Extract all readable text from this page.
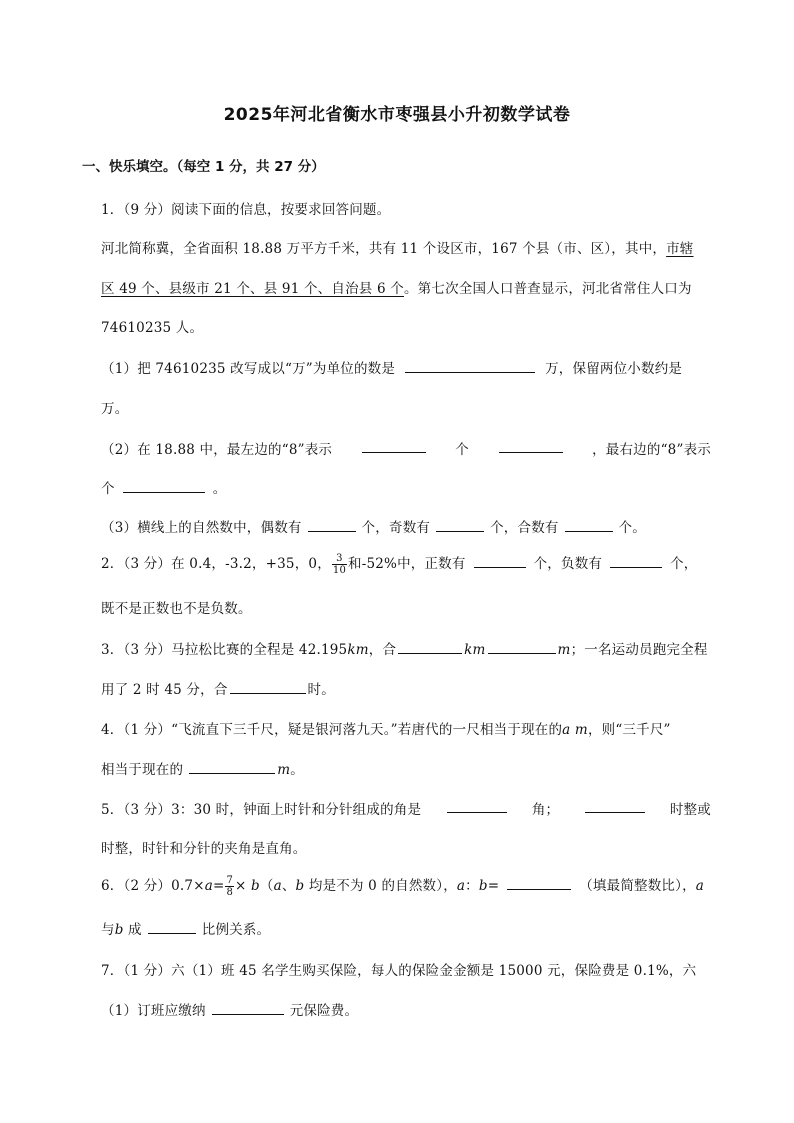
2025年河北省衡水市枣强县小升初数学试卷
一、快乐填空。（每空 1 分，共 27 分）
1．（9 分）阅读下面的信息，按要求回答问题。
河北简称冀，全省面积 18.88 万平方千米，共有 11 个设区市，167 个县（市、区），其中，市辖
区 49 个、县级市 21 个、县 91 个、自治县 6 个。第七次全国人口普查显示，河北省常住人口为
74610235 人。
（1）把 74610235 改写成以“万”为单位的数是	万，保留两位小数约是
万。
（2）在 18.88 中，最左边的“8”表示	个	，最右边的“8”表示
个	。
（3）横线上的自然数中，偶数有	个，奇数有	个，合数有	个。
2．（3 分）在 0.4，-3.2，+35，0， $\frac{3}{10}$ 和-52%中，正数有	个，负数有	个，
既不是正数也不是负数。
3．（3 分）马拉松比赛的全程是 42.195km，合	km	m；一名运动员跑完全程
用了 2 时 45 分，合	时。
4．（1 分）“飞流直下三千尺，疑是银河落九天。”若唐代的一尺相当于现在的a m，则“三千尺”
相当于现在的	m。
5．（3 分）3：30 时，钟面上时针和分针组成的角是	角；	时整或
时整，时针和分针的夹角是直角。
6．（2 分）$0.7\times a= \frac{7}{8} \times b(a$、b 均是不为 0 的自然数），a：b=	（填最简整数比），a
与b 成	比例关系。
7．（1 分）六（1）班 45 名学生购买保险，每人的保险金金额是 15000 元，保险费是 0.1%，六
（1）订班应缴纳	元保险费。
